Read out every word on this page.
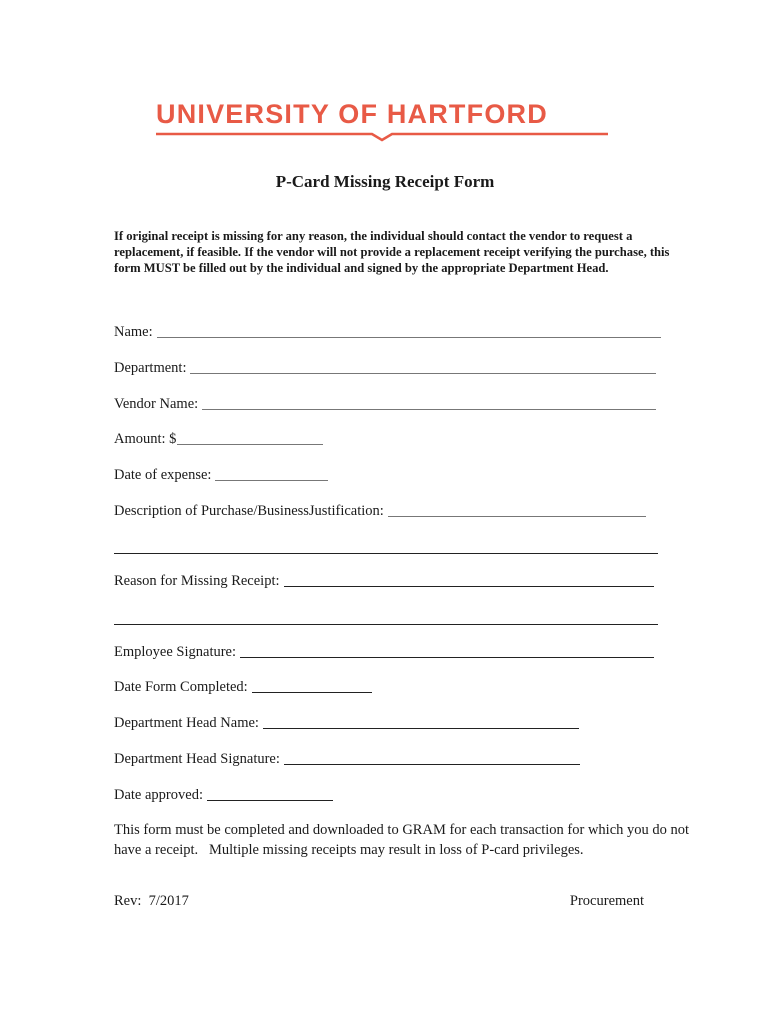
UNIVERSITY OF HARTFORD
P-Card Missing Receipt Form
If original receipt is missing for any reason, the individual should contact the vendor to request a replacement, if feasible. If the vendor will not provide a replacement receipt verifying the purchase, this form MUST be filled out by the individual and signed by the appropriate Department Head.
Name:
Department:
Vendor Name:
Amount: $
Date of expense:
Description of Purchase/BusinessJustification:
Reason for Missing Receipt:
Employee Signature:
Date Form Completed:
Department Head Name:
Department Head Signature:
Date approved:
This form must be completed and downloaded to GRAM for each transaction for which you do not have a receipt.   Multiple missing receipts may result in loss of P-card privileges.
Rev:  7/2017	Procurement
